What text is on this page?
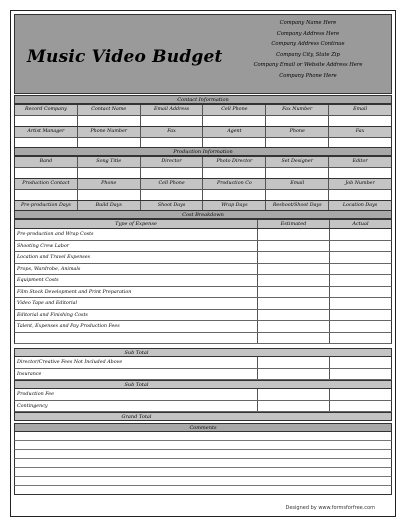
Music Video Budget
Company Name Here
Company Address Here
Company Address Continue
Company City, State Zip
Company Email or Website Address Here
Company Phone Here
Contact Information
Record Company	Contact Name	Email Address	Cell Phone	Fax Number	Email
Artist Manager	Phone Number	Fax	Agent	Phone	Fax
Production Information
Band	Song Title	Director	Photo Director	Set Designer	Editor
Production Contact	Phone	Cell Phone	Production Co	Email	Job Number
Pre-production Days	Build Days	Shoot Days	Wrap Days	Reshoot/Shoot Days	Location Days
Cost Breakdown
Type of Expense	Estimated	Actual
Pre-production and Wrap Costs
Shooting Crew Labor
Location and Travel Expenses
Props, Wardrobe, Animals
Equipment Costs
Film Stock Development and Print Preparation
Video Tape and Editorial
Editorial and Finishing Costs
Talent, Expenses and Pay Production Fees
Sub Total
Director/Creative Fees Not Included Above
Insurance
Sub Total
Production Fee
Contingency
Grand Total
Comments
Designed by www.formsforfree.com
